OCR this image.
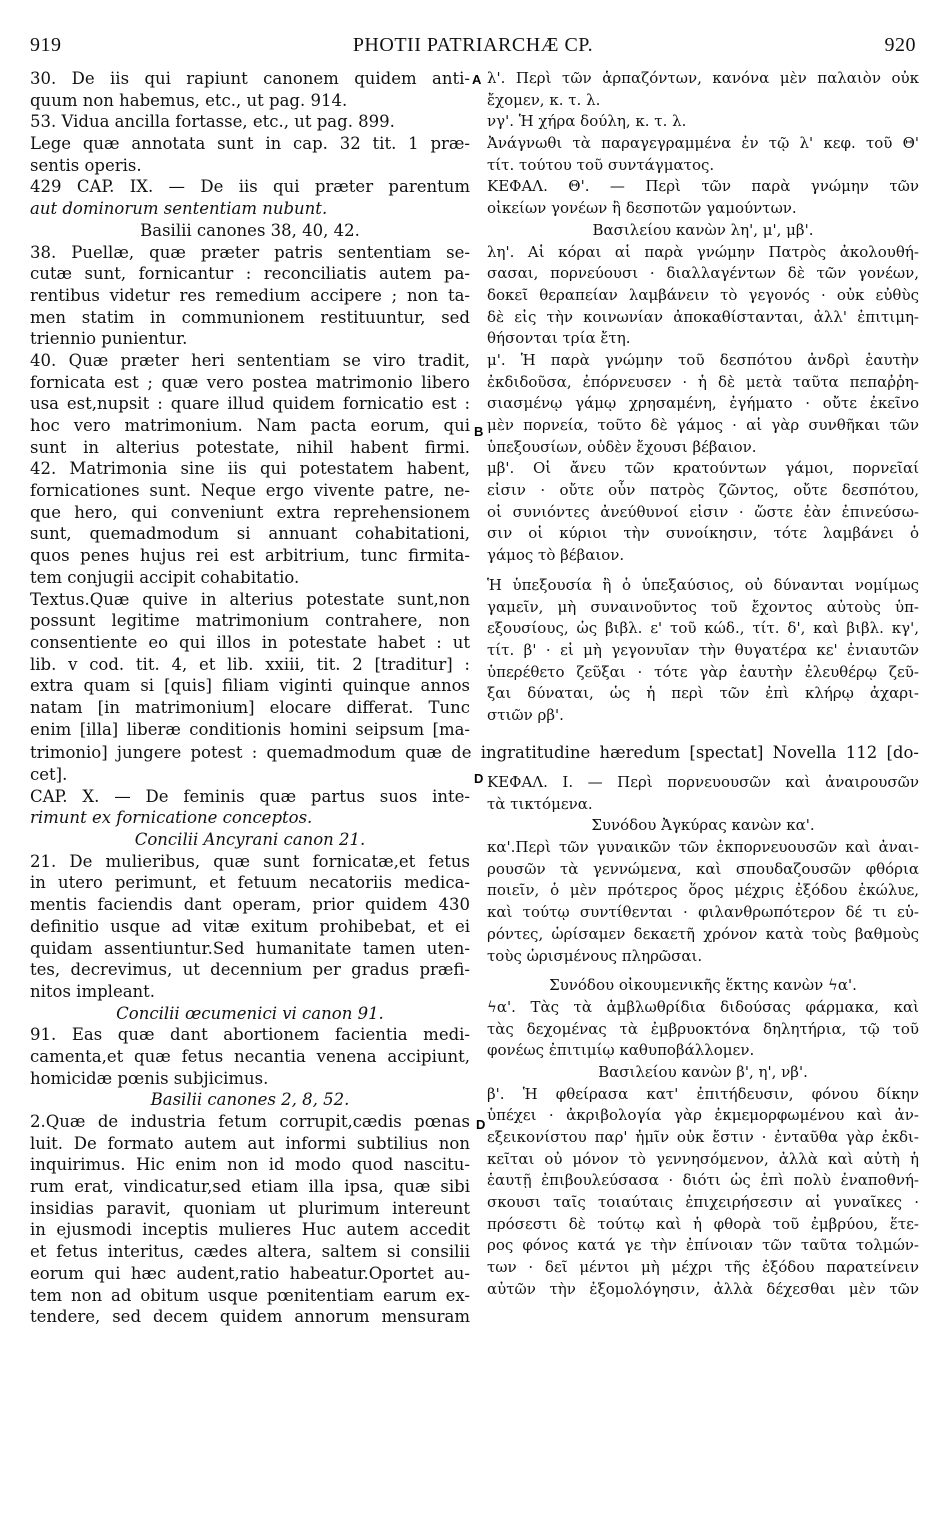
919	PHOTII PATRIARCHÆ CP.	920
30. De iis qui rapiunt canonem quidem anti-
quum non habemus, etc., ut pag. 914.
53. Vidua ancilla fortasse, etc., ut pag. 899.
Lege quæ annotata sunt in cap. 32 tit. 1 præ-
sentis operis.
429 CAP. IX. — De iis qui præter parentum
aut dominorum sententiam nubunt.
Basilii canones 38, 40, 42.
38. Puellæ, quæ præter patris sententiam se-
cutæ sunt, fornicantur : reconciliatis autem pa-
rentibus videtur res remedium accipere ; non ta-
men statim in communionem restituuntur, sed
triennio punientur.
40. Quæ præter heri sententiam se viro tradit,
fornicata est ; quæ vero postea matrimonio libero
usa est,nupsit : quare illud quidem fornicatio est :
hoc vero matrimonium. Nam pacta eorum, qui
sunt in alterius potestate, nihil habent firmi.
42. Matrimonia sine iis qui potestatem habent,
fornicationes sunt. Neque ergo vivente patre, ne-
que hero, qui conveniunt extra reprehensionem
sunt, quemadmodum si annuant cohabitationi,
quos penes hujus rei est arbitrium, tunc firmita-
tem conjugii accipit cohabitatio.
Textus.Quæ quive in alterius potestate sunt,non
possunt legitime matrimonium contrahere, non
consentiente eo qui illos in potestate habet : ut
lib. v cod. tit. 4, et lib. xxiii, tit. 2 [traditur] :
extra quam si [quis] filiam viginti quinque annos
natam [in matrimonium] elocare differat. Tunc
enim [illa] liberæ conditionis homini seipsum [ma-
λ'. Περὶ τῶν ἁρπαζόντων, κανόνα μὲν παλαιὸν οὐκ
ἔχομεν, κ. τ. λ.
νγ'. Ἡ χήρα δούλη, κ. τ. λ.
Ἀνάγνωθι τὰ παραγεγραμμένα ἐν τῷ λ' κεφ. τοῦ Θ'
τίτ. τούτου τοῦ συντάγματος.
ΚΕΦΑΛ. Θ'. — Περὶ τῶν παρὰ γνώμην τῶν
οἰκείων γονέων ἢ δεσποτῶν γαμούντων.
Βασιλείου κανὼν λη', μ', μβ'.
λη'. Αἱ κόραι αἱ παρὰ γνώμην Πατρὸς ἀκολουθή-
σασαι, πορνεύουσι · διαλλαγέντων δὲ τῶν γονέων,
δοκεῖ θεραπείαν λαμβάνειν τὸ γεγονός · οὐκ εὐθὺς
δὲ εἰς τὴν κοινωνίαν ἀποκαθίστανται, ἀλλ' ἐπιτιμη-
θήσονται τρία ἔτη.
μ'. Ἡ παρὰ γνώμην τοῦ δεσπότου ἀνδρὶ ἑαυτὴν
ἐκδιδοῦσα, ἐπόρνευσεν · ἡ δὲ μετὰ ταῦτα πεπαῤῥη-
σιασμένῳ γάμῳ χρησαμένη, ἐγήματο · οὔτε ἐκεῖνο
μὲν πορνεία, τοῦτο δὲ γάμος · αἱ γὰρ συνθῆκαι τῶν
ὑπεξουσίων, οὐδὲν ἔχουσι βέβαιον.
μβ'. Οἱ ἄνευ τῶν κρατούντων γάμοι, πορνεῖαί
εἰσιν · οὔτε οὖν πατρὸς ζῶντος, οὔτε δεσπότου,
οἱ συνιόντες ἀνεύθυνοί εἰσιν · ὥστε ἐὰν ἐπινεύσω-
σιν οἱ κύριοι τὴν συνοίκησιν, τότε λαμβάνει ὁ
γάμος τὸ βέβαιον.
Ἡ ὑπεξουσία ἢ ὁ ὑπεξαύσιος, οὐ δύνανται νομίμως
γαμεῖν, μὴ συναινοῦντος τοῦ ἔχοντος αὐτοὺς ὑπ-
εξουσίους, ὡς βιβλ. ε' τοῦ κώδ., τίτ. δ', καὶ βιβλ. κγ',
τίτ. β' · εἰ μὴ γεγονυῖαν τὴν θυγατέρα κε' ἐνιαυτῶν
ὑπερέθετο ζεῦξαι · τότε γὰρ ἑαυτὴν ἐλευθέρῳ ζεῦ-
ξαι δύναται, ὡς ἡ περὶ τῶν ἐπὶ κλήρῳ ἀχαρι-
στιῶν ρβ'.
trimonio] jungere potest : quemadmodum quæ de ingratitudine hæredum [spectat] Novella 112 [do-
cet].
CAP. X. — De feminis quæ partus suos inte-
rimunt ex fornicatione conceptos.
Concilii Ancyrani canon 21.
21. De mulieribus, quæ sunt fornicatæ,et fetus
in utero perimunt, et fetuum necatoriis medica-
mentis faciendis dant operam, prior quidem 430
definitio usque ad vitæ exitum prohibebat, et ei
quidam assentiuntur.Sed humanitate tamen uten-
tes, decrevimus, ut decennium per gradus præfi-
nitos impleant.
Concilii œcumenici vi canon 91.
91. Eas quæ dant abortionem facientia medi-
camenta,et quæ fetus necantia venena accipiunt,
homicidæ pœnis subjicimus.
Basilii canones 2, 8, 52.
2.Quæ de industria fetum corrupit,cædis pœnas
luit. De formato autem aut informi subtilius non
inquirimus. Hic enim non id modo quod nascitu-
rum erat, vindicatur,sed etiam illa ipsa, quæ sibi
insidias paravit, quoniam ut plurimum intereunt
in ejusmodi inceptis mulieres Huc autem accedit
et fetus interitus, cædes altera, saltem si consilii
eorum qui hæc audent,ratio habeatur.Oportet au-
tem non ad obitum usque pœnitentiam earum ex-
tendere, sed decem quidem annorum mensuram
ΚΕΦΑΛ. Ι. — Περὶ πορνευουσῶν καὶ ἀναιρουσῶν
τὰ τικτόμενα.
Συνόδου Ἀγκύρας κανὼν κα'.
κα'.Περὶ τῶν γυναικῶν τῶν ἐκπορνευουσῶν καὶ ἀναι-
ρουσῶν τὰ γεννώμενα, καὶ σπουδαζουσῶν φθόρια
ποιεῖν, ὁ μὲν πρότερος ὅρος μέχρις ἐξόδου ἐκώλυε,
καὶ τούτῳ συντίθενται · φιλανθρωπότερον δέ τι εὑ-
ρόντες, ὡρίσαμεν δεκαετῆ χρόνον κατὰ τοὺς βαθμοὺς
τοὺς ὡρισμένους πληρῶσαι.
Συνόδου οἰκουμενικῆς ἕκτης κανὼν ϟα'.
ϟα'. Τὰς τὰ ἀμβλωθρίδια διδούσας φάρμακα, καὶ
τὰς δεχομένας τὰ ἐμβρυοκτόνα δηλητήρια, τῷ τοῦ
φονέως ἐπιτιμίῳ καθυποβάλλομεν.
Βασιλείου κανὼν β', η', νβ'.
β'. Ἡ φθείρασα κατ' ἐπιτήδευσιν, φόνου δίκην
ὑπέχει · ἀκριβολογία γὰρ ἐκμεμορφωμένου καὶ ἀν-
εξεικονίστου παρ' ἡμῖν οὐκ ἔστιν · ἐνταῦθα γὰρ ἐκδι-
κεῖται οὐ μόνον τὸ γεννησόμενον, ἀλλὰ καὶ αὐτὴ ἡ
ἑαυτῇ ἐπιβουλεύσασα · διότι ὡς ἐπὶ πολὺ ἐναποθνή-
σκουσι ταῖς τοιαύταις ἐπιχειρήσεσιν αἱ γυναῖκες ·
πρόσεστι δὲ τούτῳ καὶ ἡ φθορὰ τοῦ ἐμβρύου, ἕτε-
ρος φόνος κατά γε τὴν ἐπίνοιαν τῶν ταῦτα τολμών-
των · δεῖ μέντοι μὴ μέχρι τῆς ἐξόδου παρατείνειν
αὐτῶν τὴν ἐξομολόγησιν, ἀλλὰ δέχεσθαι μὲν τῶν
A
B
D
D
